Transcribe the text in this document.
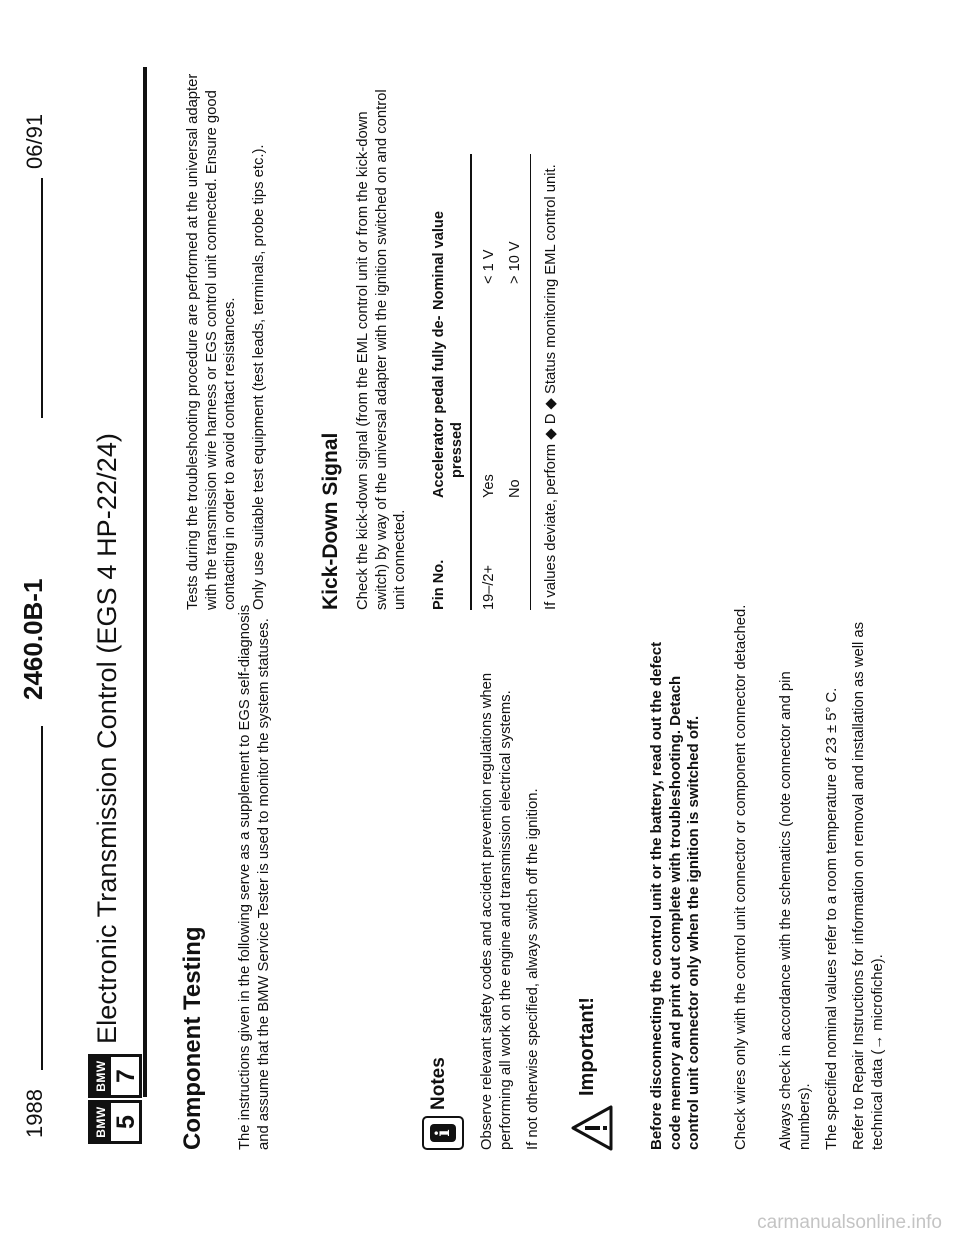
1988
2460.0B-1
06/91
BMW 5
BMW 7
Electronic Transmission Control (EGS 4 HP-22/24) Component Testing The instructions given in the following serve as a supplement to EGS self-diagnosis and assume that the BMW Service Tester is used to monitor the system statuses.	i
Notes Observe relevant safety codes and accident prevention regulations when performing all work on the engine and transmission electrical systems. If not otherwise specified, always switch off the ignition. Important!	Before disconnecting the control unit or the battery, read out the defect code memory and print out complete with troubleshooting. Detach control unit connector only when the ignition is switched off. Check wires only with the control unit connector or component connector detached. Always check in accordance with the schematics (note connector and pin numbers). The specified nominal values refer to a room temperature of 23 ± 5° C. Refer to Repair Instructions for information on removal and installation as well as technical data (→ microfiche).

Tests during the troubleshooting procedure are performed at the universal adapter with the transmission wire harness or EGS control unit connected. Ensure good contacting in order to avoid contact resistances. Only use suitable test equipment (test leads, terminals, probe tips etc.). Kick-Down Signal Check the kick-down signal (from the EML control unit or from the kick-down switch) by way of the universal adapter with the ignition switched on and control unit connected. Pin No.	Accelerator pedal fully de- pressed	Nominal value
19–/2+	Yes	< 1 V
	No	> 10 V If values deviate, perform ◆ D ◆ Status monitoring EML control unit.

carmanualsonline.info
